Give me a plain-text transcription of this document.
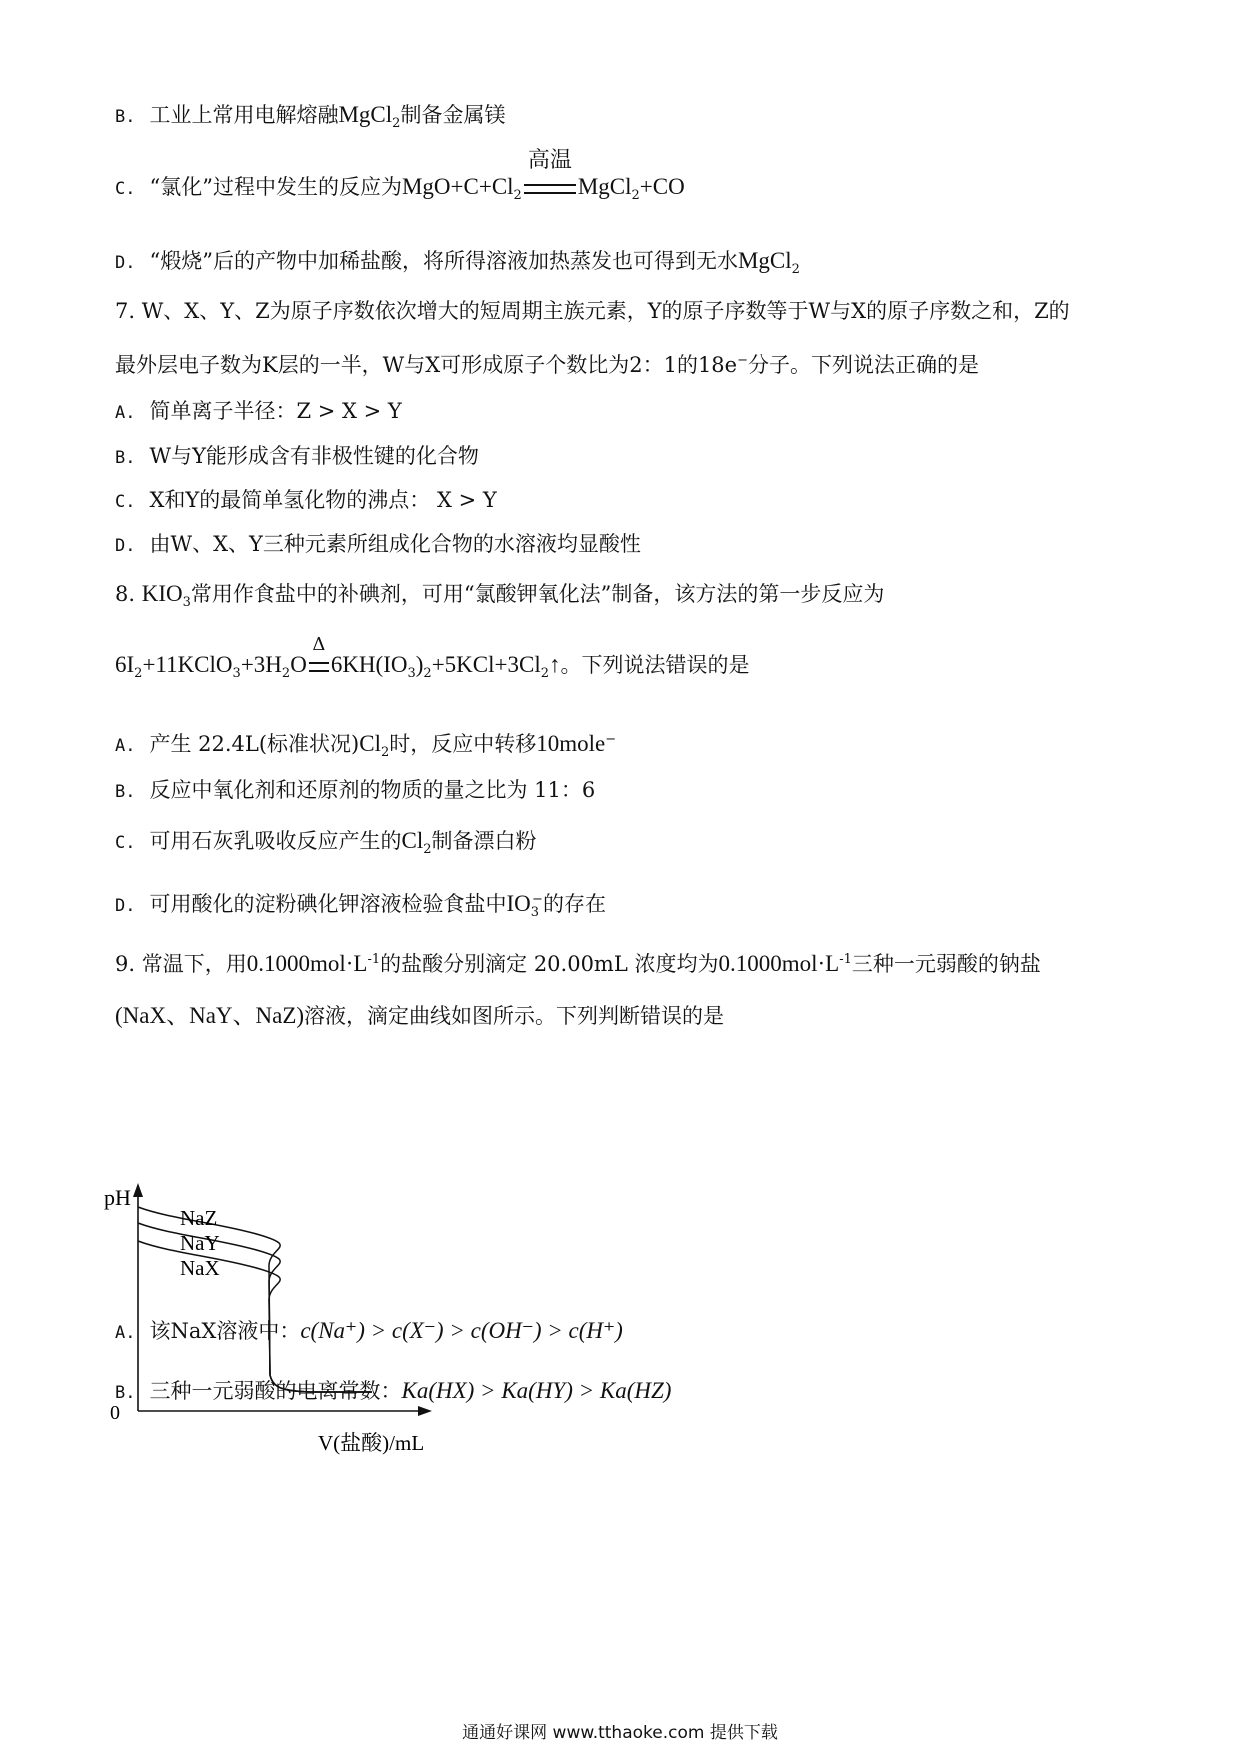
B. 工业上常用电解熔融MgCl$_2$制备金属镁
C. “氯化”过程中发生的反应为$MgO+C+Cl_2$
高温
MgCl$_2$+CO
D. “煅烧”后的产物中加稀盐酸，将所得溶液加热蒸发也可得到无水MgCl$_2$
7. W、X、Y、Z为原子序数依次增大的短周期主族元素，Y的原子序数等于W与X的原子序数之和，Z的
最外层电子数为K层的一半，W与X可形成原子个数比为2：1的18e−分子。下列说法正确的是
A. 简单离子半径：Z > X > Y
B. W与Y能形成含有非极性键的化合物
C. X和Y的最简单氢化物的沸点： X > Y
D. 由W、X、Y三种元素所组成化合物的水溶液均显酸性
8. $KIO_3$常用作食盐中的补碘剂，可用“氯酸钾氧化法”制备，该方法的第一步反应为
$6I_2+11KClO_3+3H_2O$
Δ
$6KH(IO_3)_2+5KCl+3Cl_2↑$。下列说法错误的是
A. 产生 22.4L(标准状况)$Cl_2$时，反应中转移10mole−
B. 反应中氧化剂和还原剂的物质的量之比为 11：6
C. 可用石灰乳吸收反应产生的$Cl_2$制备漂白粉
D. 可用酸化的淀粉碘化钾溶液检验食盐中$IO_3^-$的存在
9. 常温下，用$0.1000mol\cdot L^{-1}$的盐酸分别滴定 20.00mL 浓度均为$0.1000mol\cdot L^{-1}$三种一元弱酸的钠盐
(NaX、NaY、NaZ)溶液，滴定曲线如图所示。下列判断错误的是
pH
0
V(盐酸)/mL
NaZ
NaY
NaX
A. 该NaX溶液中：c(Na⁺) > c(X⁻) > c(OH⁻) > c(H⁺)
B. 三种一元弱酸的电离常数：Ka(HX) > Ka(HY) > Ka(HZ)
通通好课网 www.tthaoke.com 提供下载
